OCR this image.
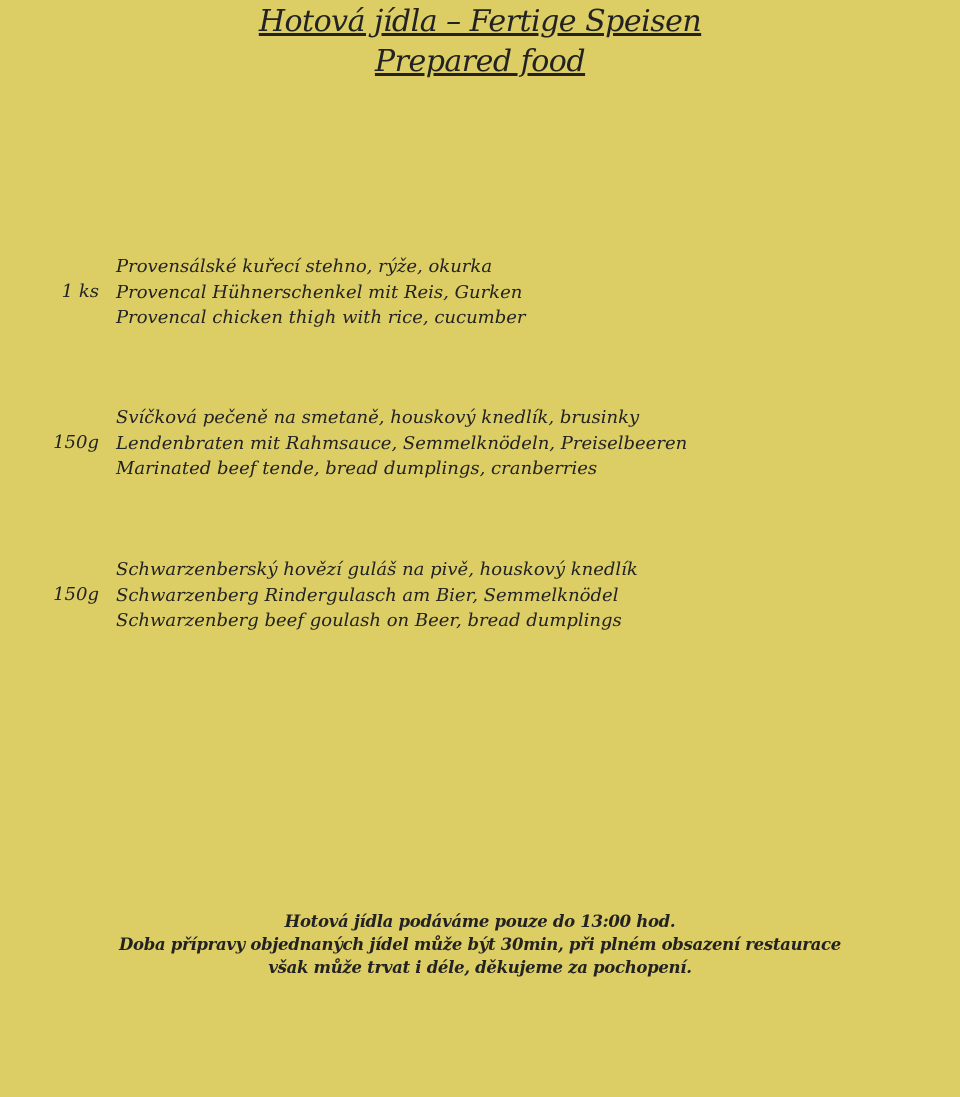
Hotová jídla – Fertige Speisen
Prepared food
1 ks
Provensálské kuřecí stehno, rýže, okurka
Provencal Hühnerschenkel mit Reis, Gurken
Provencal chicken thigh with rice, cucumber
150g
Svíčková pečeně na smetaně, houskový knedlík, brusinky
Lendenbraten mit Rahmsauce, Semmelknödeln, Preiselbeeren
Marinated beef tende, bread dumplings, cranberries
150g
Schwarzenberský hovězí guláš na pivě, houskový knedlík
Schwarzenberg Rindergulasch am Bier, Semmelknödel
Schwarzenberg beef goulash on Beer, bread dumplings
Hotová jídla podáváme pouze do 13:00 hod.
Doba přípravy objednaných jídel může být 30min, při plném obsazení restaurace
však může trvat i déle, děkujeme za pochopení.
